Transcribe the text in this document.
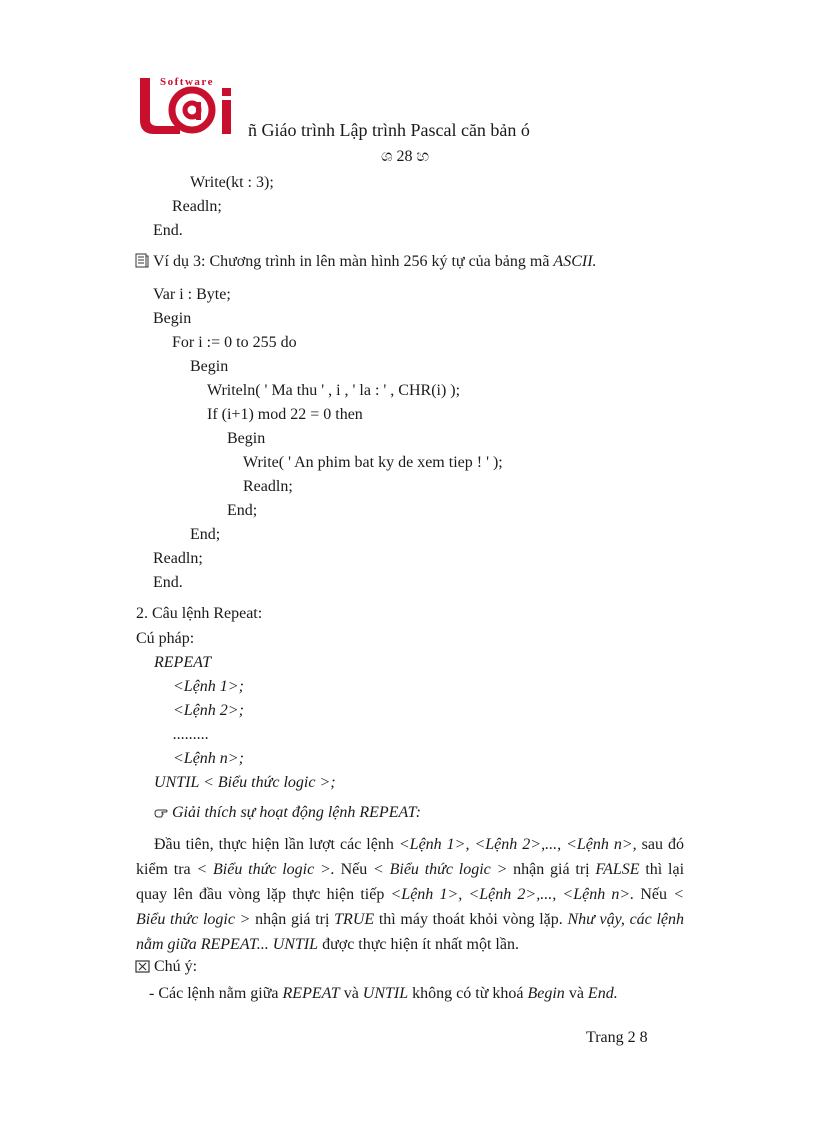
Software
ñ Giáo trình Lập trình Pascal căn bản ó
ශ 28 හ
Write(kt : 3);
Readln;
End.
Ví dụ 3: Chương trình in lên màn hình 256 ký tự của bảng mã ASCII.
Var i : Byte;
Begin
For i := 0 to 255 do
Begin
Writeln( ' Ma thu ' , i , ' la : ' , CHR(i) );
If (i+1) mod 22 = 0 then
Begin
Write( ' An phim bat ky de xem tiep ! ' );
Readln;
End;
End;
Readln;
End.
2. Câu lệnh Repeat:
Cú pháp:
REPEAT
<Lệnh 1>;
<Lệnh 2>;
.........
<Lệnh n>;
UNTIL < Biểu thức logic >;
Giải thích sự hoạt động lệnh REPEAT:
Đầu tiên, thực hiện lần lượt các lệnh <Lệnh 1>, <Lệnh 2>,..., <Lệnh n>, sau đó kiểm tra < Biểu thức logic >. Nếu < Biểu thức logic > nhận giá trị FALSE thì lại quay lên đầu vòng lặp thực hiện tiếp <Lệnh 1>, <Lệnh 2>,..., <Lệnh n>. Nếu < Biểu thức logic > nhận giá trị TRUE thì máy thoát khỏi vòng lặp. Như vậy, các lệnh nằm giữa REPEAT... UNTIL được thực hiện ít nhất một lần.
Chú ý:
- Các lệnh nằm giữa REPEAT và UNTIL không có từ khoá Begin và End.
Trang 2 8
